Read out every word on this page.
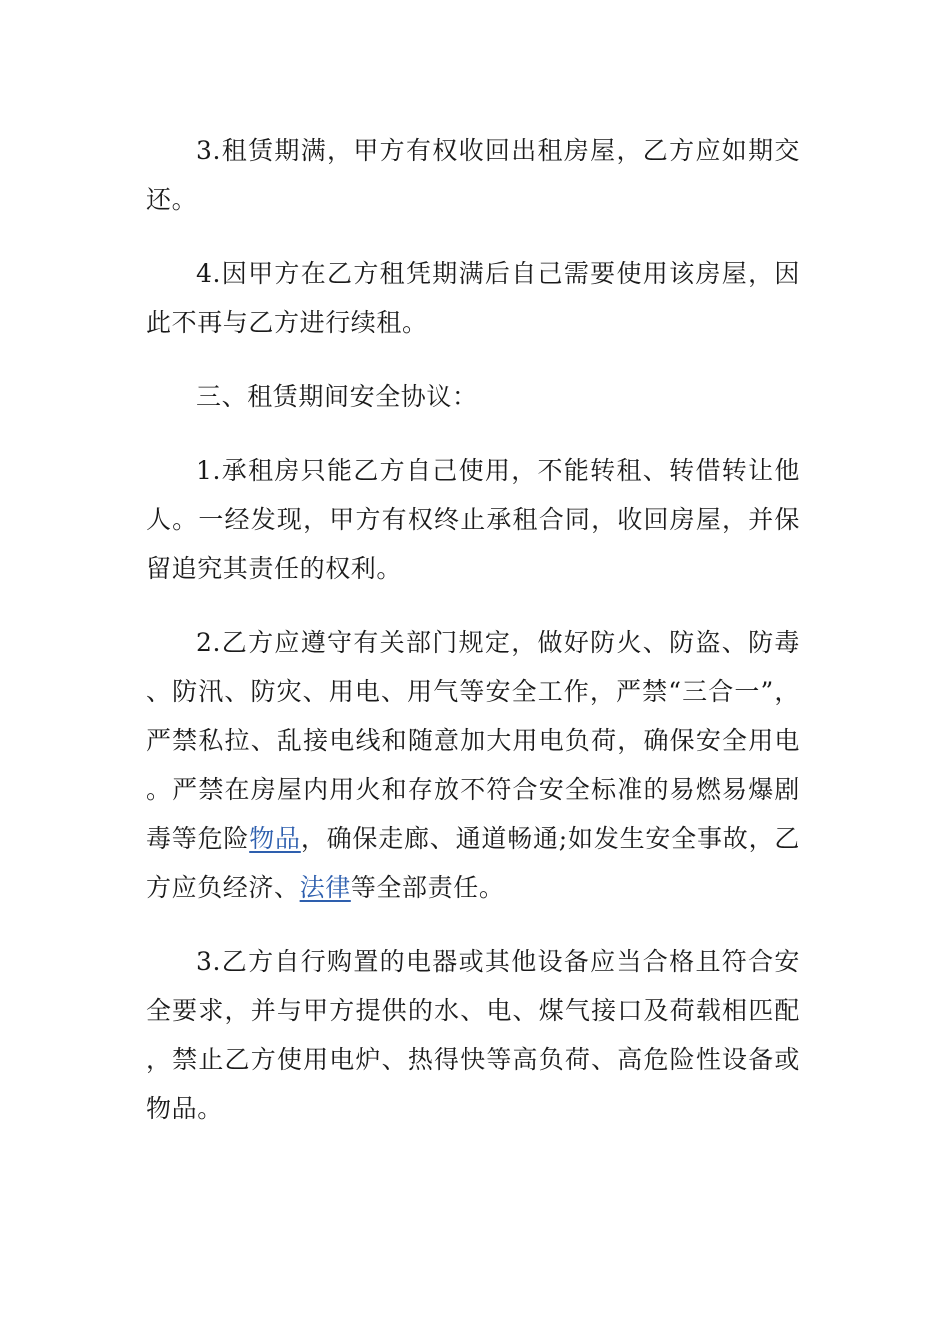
3.租赁期满，甲方有权收回出租房屋，乙方应如期交还。

4.因甲方在乙方租凭期满后自己需要使用该房屋，因此不再与乙方进行续租。

三、租赁期间安全协议：

1.承租房只能乙方自己使用，不能转租、转借转让他人。一经发现，甲方有权终止承租合同，收回房屋，并保留追究其责任的权利。

2.乙方应遵守有关部门规定，做好防火、防盗、防毒、防汛、防灾、用电、用气等安全工作，严禁“三合一”，严禁私拉、乱接电线和随意加大用电负荷，确保安全用电。严禁在房屋内用火和存放不符合安全标准的易燃易爆剧毒等危险物品，确保走廊、通道畅通;如发生安全事故，乙方应负经济、法律等全部责任。

3.乙方自行购置的电器或其他设备应当合格且符合安全要求，并与甲方提供的水、电、煤气接口及荷载相匹配，禁止乙方使用电炉、热得快等高负荷、高危险性设备或物品。
